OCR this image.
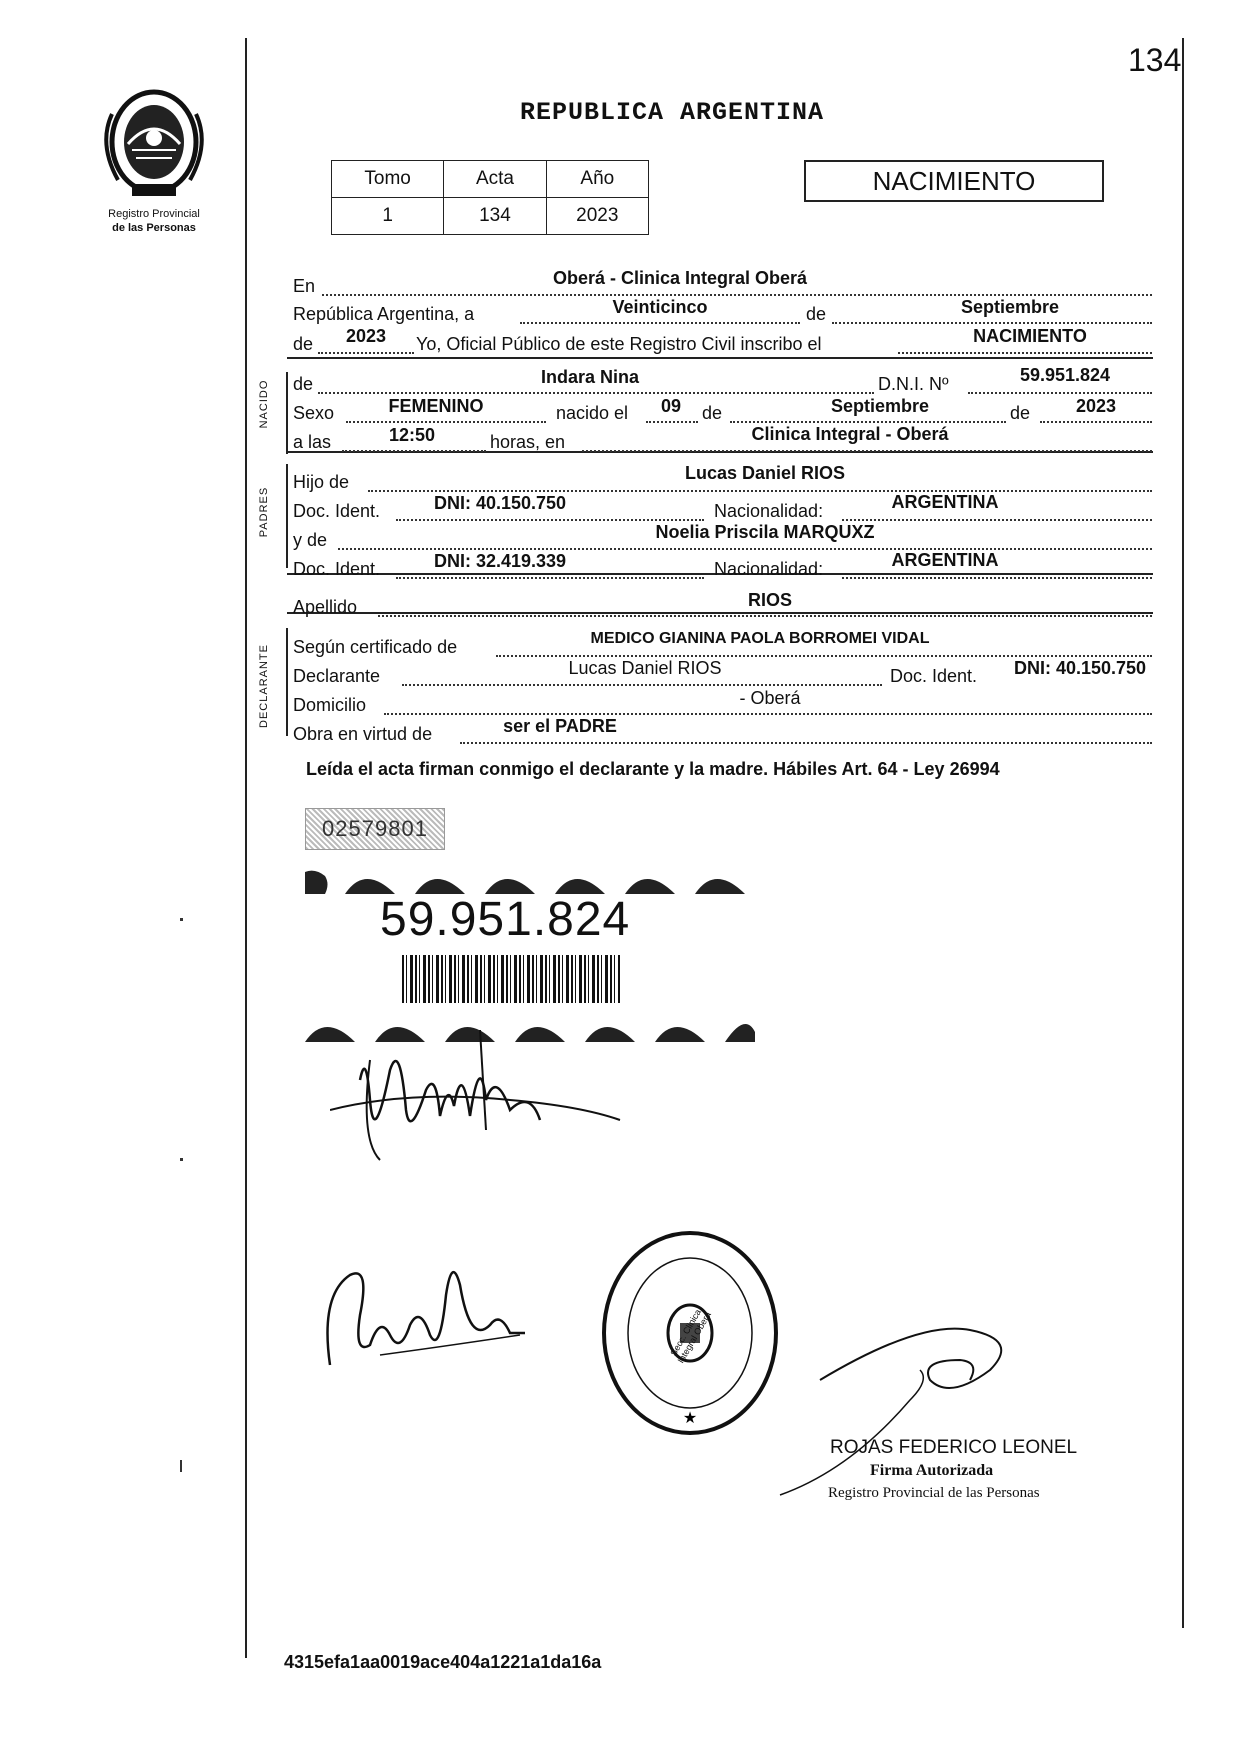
134
Registro Provincial
de las Personas
REPUBLICA ARGENTINA
Tomo	Acta	Año
1	134	2023
NACIMIENTO
NACIDO
PADRES
DECLARANTE
En	Oberá - Clinica Integral Oberá
República Argentina, a	Veinticinco	de	Septiembre
de	2023	Yo, Oficial Público de este Registro Civil inscribo el	NACIMIENTO
de	Indara Nina	D.N.I. Nº	59.951.824
Sexo	FEMENINO	nacido el	09	de	Septiembre	de	2023
a las	12:50	horas, en	Clinica Integral - Oberá
Hijo de	Lucas Daniel RIOS
Doc. Ident.	DNI: 40.150.750	Nacionalidad:	ARGENTINA
y de	Noelia Priscila MARQUXZ
Doc. Ident.	DNI: 32.419.339	Nacionalidad:	ARGENTINA
Apellido	RIOS
Según certificado de	MEDICO GIANINA PAOLA BORROMEI VIDAL
Declarante	Lucas Daniel RIOS	Doc. Ident.	DNI: 40.150.750
Domicilio	- Oberá
Obra en virtud de	ser el PADRE
Leída el acta firman conmigo el declarante y la madre. Hábiles Art. 64 - Ley 26994
02579801
59.951.824
★
Secc. Clinica Integral Oberá
ROJAS FEDERICO LEONEL
Firma Autorizada
Registro Provincial de las Personas
4315efa1aa0019ace404a1221a1da16a
